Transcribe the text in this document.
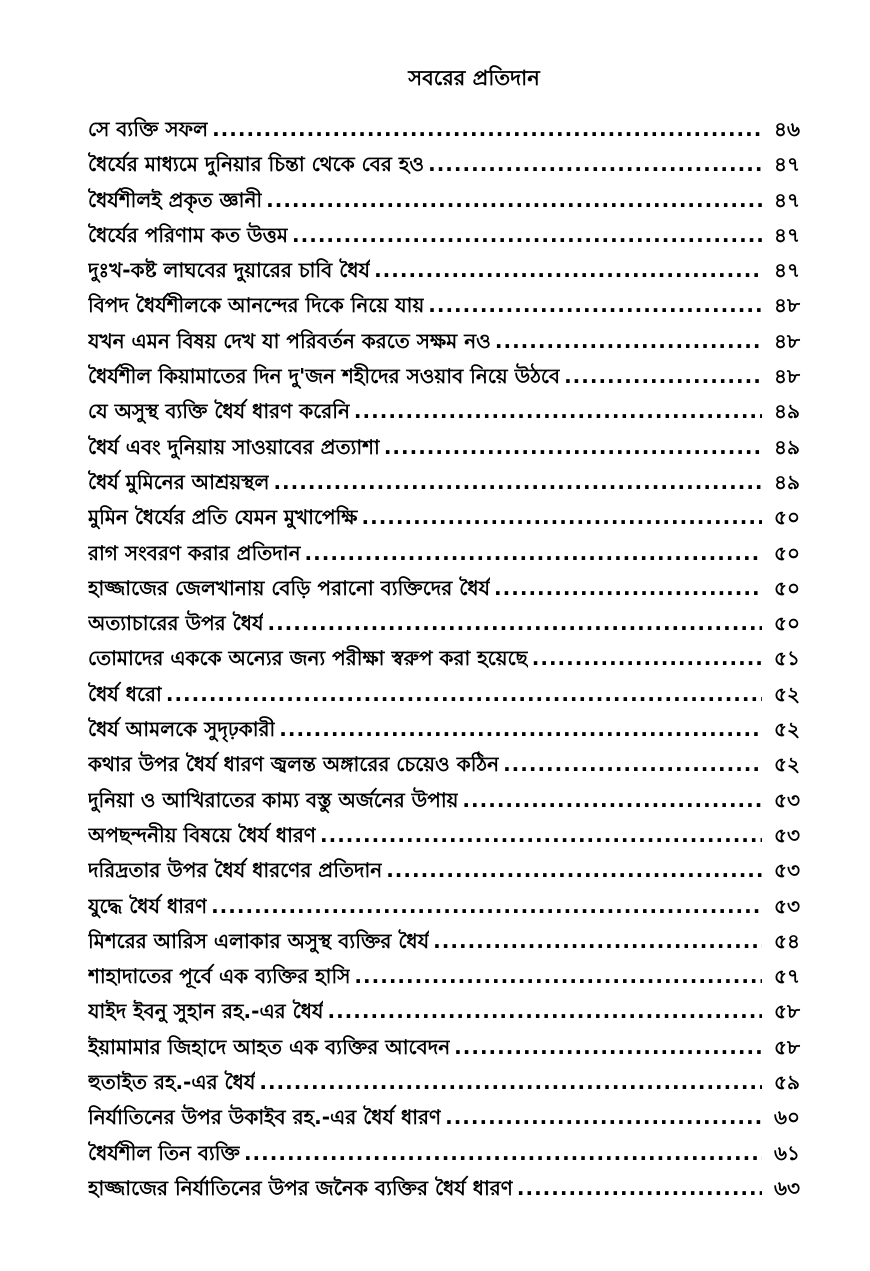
সবরের প্রতিদান
সে ব্যক্তি সফল .....	৪৬
ধৈর্যের মাধ্যমে দুনিয়ার চিন্তা থেকে বের হও .....	৪৭
ধৈর্যশীলই প্রকৃত জ্ঞানী .....	৪৭
ধৈর্যের পরিণাম কত উত্তম .....	৪৭
দুঃখ-কষ্ট লাঘবের দুয়ারের চাবি ধৈর্য .....	৪৭
বিপদ ধৈর্যশীলকে আনন্দের দিকে নিয়ে যায় .....	৪৮
যখন এমন বিষয় দেখ যা পরিবর্তন করতে সক্ষম নও .....	৪৮
ধৈর্যশীল কিয়ামাতের দিন দু'জন শহীদের সওয়াব নিয়ে উঠবে .....	৪৮
যে অসুস্থ ব্যক্তি ধৈর্য ধারণ করেনি .....	৪৯
ধৈর্য এবং দুনিয়ায় সাওয়াবের প্রত্যাশা .....	৪৯
ধৈর্য মুমিনের আশ্রয়স্থল .....	৪৯
মুমিন ধৈর্যের প্রতি যেমন মুখাপেক্ষি .....	৫০
রাগ সংবরণ করার প্রতিদান .....	৫০
হাজ্জাজের জেলখানায় বেড়ি পরানো ব্যক্তিদের ধৈর্য .....	৫০
অত্যাচারের উপর ধৈর্য .....	৫০
তোমাদের এককে অন্যের জন্য পরীক্ষা স্বরুপ করা হয়েছে .....	৫১
ধৈর্য ধরো .....	৫২
ধৈর্য আমলকে সুদৃঢ়কারী .....	৫২
কথার উপর ধৈর্য ধারণ জ্বলন্ত অঙ্গারের চেয়েও কঠিন .....	৫২
দুনিয়া ও আখিরাতের কাম্য বস্তু অর্জনের উপায় .....	৫৩
অপছন্দনীয় বিষয়ে ধৈর্য ধারণ .....	৫৩
দরিদ্রতার উপর ধৈর্য ধারণের প্রতিদান .....	৫৩
যুদ্ধে ধৈর্য ধারণ .....	৫৩
মিশরের আরিস এলাকার অসুস্থ ব্যক্তির ধৈর্য .....	৫৪
শাহাদাতের পূর্বে এক ব্যক্তির হাসি .....	৫৭
যাইদ ইবনু সুহান রহ.-এর ধৈর্য .....	৫৮
ইয়ামামার জিহাদে আহত এক ব্যক্তির আবেদন .....	৫৮
হুতাইত রহ.-এর ধৈর্য .....	৫৯
নির্যাতিনের উপর উকাইব রহ.-এর ধৈর্য ধারণ .....	৬০
ধৈর্যশীল তিন ব্যক্তি .....	৬১
হাজ্জাজের নির্যাতিনের উপর জনৈক ব্যক্তির ধৈর্য ধারণ .....	৬৩
